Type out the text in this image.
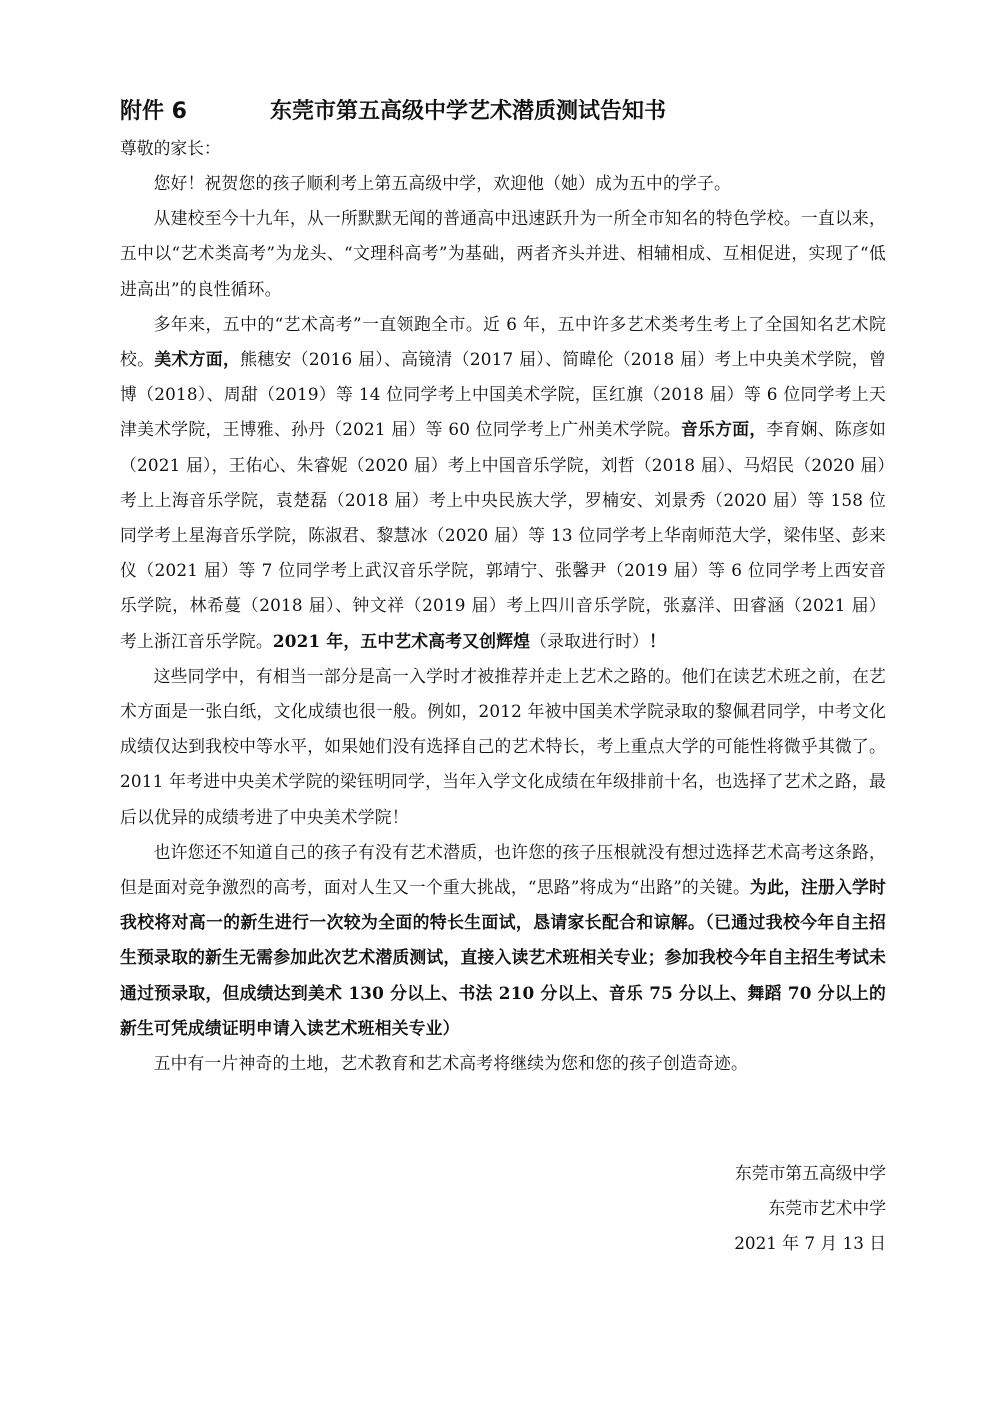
附件 6	东莞市第五高级中学艺术潜质测试告知书

尊敬的家长：

您好！祝贺您的孩子顺利考上第五高级中学，欢迎他（她）成为五中的学子。

从建校至今十九年，从一所默默无闻的普通高中迅速跃升为一所全市知名的特色学校。一直以来，五中以“艺术类高考”为龙头、“文理科高考”为基础，两者齐头并进、相辅相成、互相促进，实现了“低进高出”的良性循环。

多年来，五中的“艺术高考”一直领跑全市。近 6 年，五中许多艺术类考生考上了全国知名艺术院校。美术方面，熊穗安（2016 届）、高镜清（2017 届）、简暐伦（2018 届）考上中央美术学院，曾博（2018）、周甜（2019）等 14 位同学考上中国美术学院，匡红旗（2018 届）等 6 位同学考上天津美术学院，王博雅、孙丹（2021 届）等 60 位同学考上广州美术学院。音乐方面，李育娴、陈彦如（2021 届），王佑心、朱睿妮（2020 届）考上中国音乐学院，刘哲（2018 届）、马炤民（2020 届）考上上海音乐学院，袁楚磊（2018 届）考上中央民族大学，罗楠安、刘景秀（2020 届）等 158 位同学考上星海音乐学院，陈淑君、黎慧冰（2020 届）等 13 位同学考上华南师范大学，梁伟坚、彭来仪（2021 届）等 7 位同学考上武汉音乐学院，郭靖宁、张馨尹（2019 届）等 6 位同学考上西安音乐学院，林希蔓（2018 届）、钟文祥（2019 届）考上四川音乐学院，张嘉洋、田睿涵（2021 届）考上浙江音乐学院。2021 年，五中艺术高考又创辉煌（录取进行时）！

这些同学中，有相当一部分是高一入学时才被推荐并走上艺术之路的。他们在读艺术班之前，在艺术方面是一张白纸，文化成绩也很一般。例如，2012 年被中国美术学院录取的黎佩君同学，中考文化成绩仅达到我校中等水平，如果她们没有选择自己的艺术特长，考上重点大学的可能性将微乎其微了。2011 年考进中央美术学院的梁钰明同学，当年入学文化成绩在年级排前十名，也选择了艺术之路，最后以优异的成绩考进了中央美术学院！

也许您还不知道自己的孩子有没有艺术潜质，也许您的孩子压根就没有想过选择艺术高考这条路，但是面对竞争激烈的高考，面对人生又一个重大挑战，“思路”将成为“出路”的关键。为此，注册入学时我校将对高一的新生进行一次较为全面的特长生面试，恳请家长配合和谅解。（已通过我校今年自主招生预录取的新生无需参加此次艺术潜质测试，直接入读艺术班相关专业；参加我校今年自主招生考试未通过预录取，但成绩达到美术 130 分以上、书法 210 分以上、音乐 75 分以上、舞蹈 70 分以上的新生可凭成绩证明申请入读艺术班相关专业）

五中有一片神奇的土地，艺术教育和艺术高考将继续为您和您的孩子创造奇迹。

东莞市第五高级中学
东莞市艺术中学
2021 年 7 月 13 日
